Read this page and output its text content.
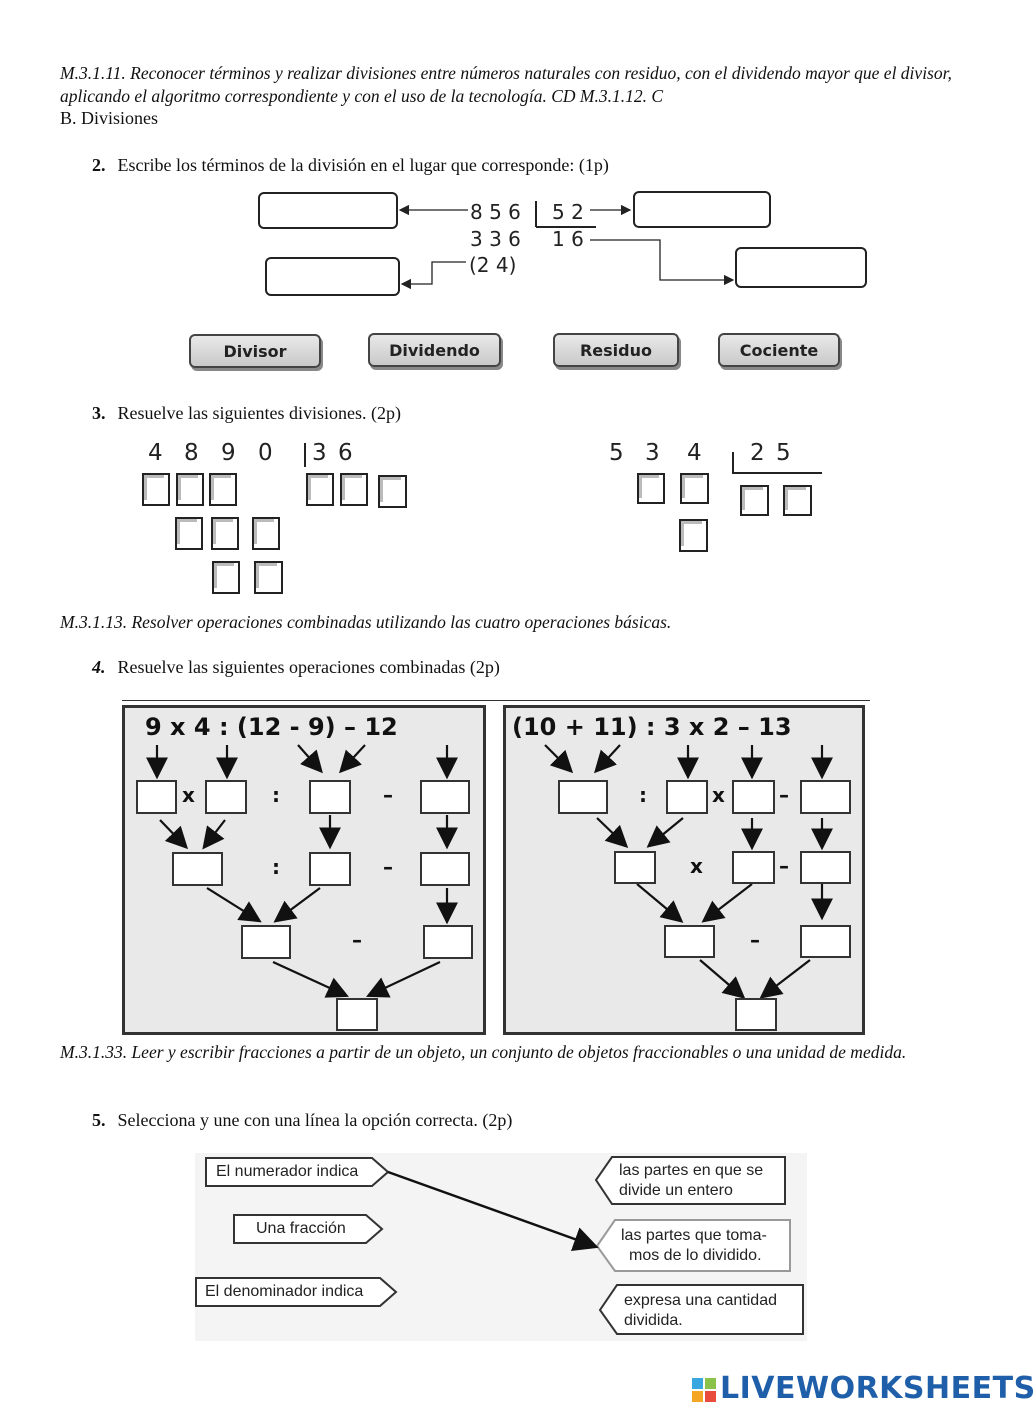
M.3.1.11. Reconocer términos y realizar divisiones entre números naturales con residuo, con el dividendo mayor que el divisor, aplicando el algoritmo correspondiente y con el uso de la tecnología. CD M.3.1.12. C
B. Divisiones
2. Escribe los términos de la división en el lugar que corresponde: (1p)
8 5 6 5 2
3 3 6 1 6
(2 4)
Divisor	Dividendo	Residuo	Cociente
3. Resuelve las siguientes divisiones. (2p)
4 8 9 0 3 6	5 3 4 2 5
M.3.1.13. Resolver operaciones combinadas utilizando las cuatro operaciones básicas.
4. Resuelve las siguientes operaciones combinadas (2p)
9 x 4 : (12 - 9) – 12	(10 + 11) : 3 x 2 – 13
x	:	–
:	–
–
:	x	–
x	–
–
M.3.1.33. Leer y escribir fracciones a partir de un objeto, un conjunto de objetos fraccionables o una unidad de medida.
5. Selecciona y une con una línea la opción correcta. (2p)
El numerador indica
Una fracción
El denominador indica
las partes en que se
divide un entero
las partes que toma-
mos de lo dividido.
expresa una cantidad
dividida.
LIVEWORKSHEETS
